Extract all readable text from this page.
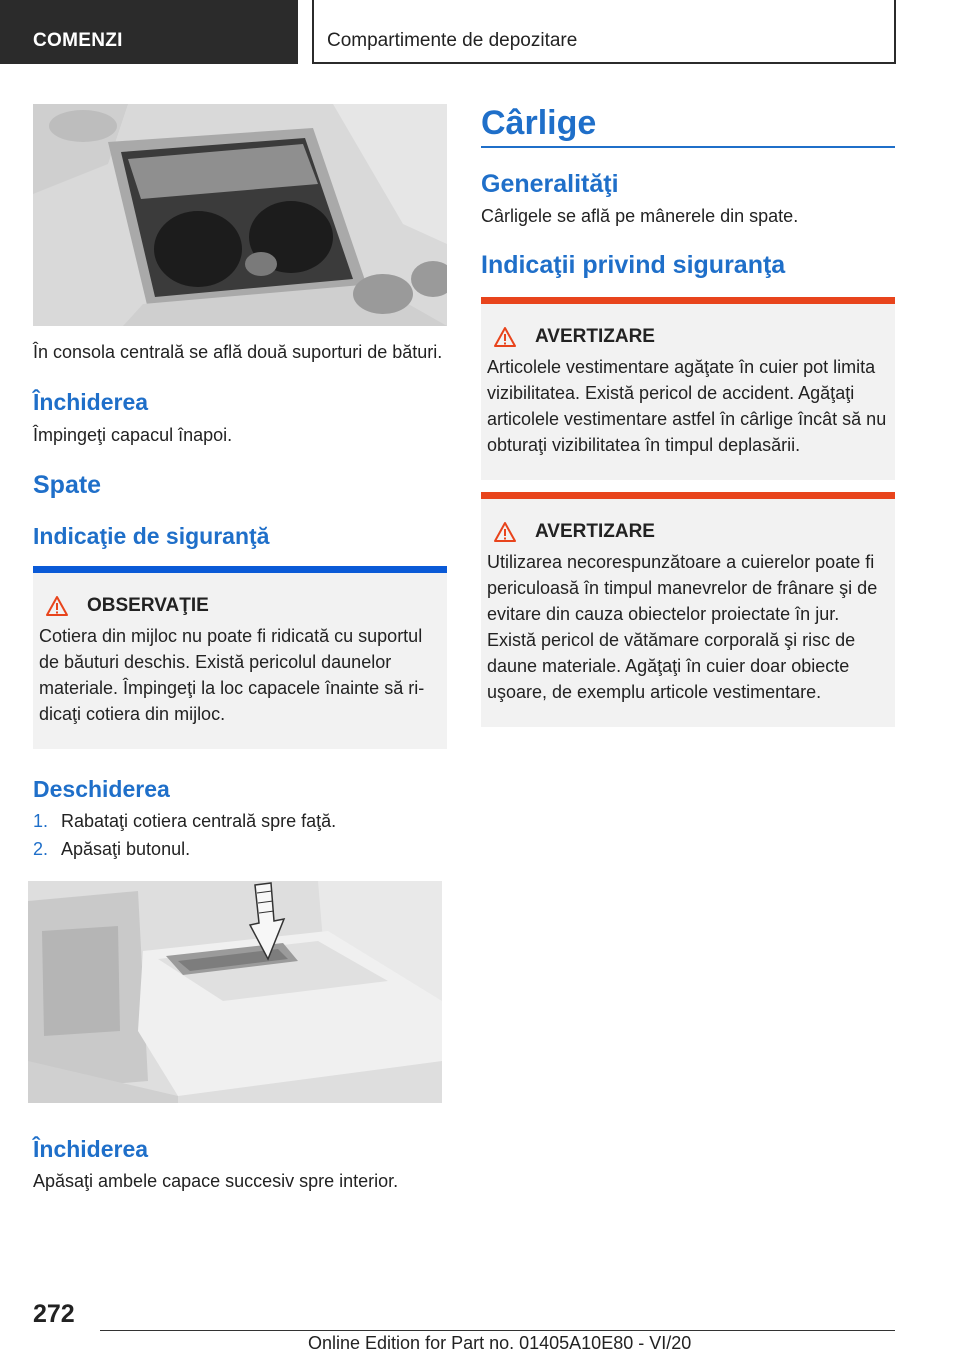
COMENZI	Compartimente de depozitare

În consola centrală se află două suporturi de bături.

Închiderea

Împingeţi capacul înapoi.

Spate
Indicaţie de siguranţă
OBSERVAŢIE

Cotiera din mijloc nu poate fi ridicată cu suportul de băuturi deschis. Există pericolul daunelor materiale. Împingeţi la loc capacele înainte să ridicaţi cotiera din mijloc.

Deschiderea
1. Rabataţi cotiera centrală spre faţă.
2. Apăsaţi butonul.
Închiderea

Apăsaţi ambele capace succesiv spre interior.

Cârlige
Generalităţi

Cârligele se află pe mânerele din spate.

Indicaţii privind siguranţa
AVERTIZARE

Articolele vestimentare agăţate în cuier pot limita vizibilitatea. Există pericol de accident. Agăţaţi articolele vestimentare astfel în cârlige încât să nu obturaţi vizibilitatea în timpul deplasării.

AVERTIZARE

Utilizarea necorespunzătoare a cuierelor poate fi periculoasă în timpul manevrelor de frânare şi de evitare din cauza obiectelor proiectate în jur. Există pericol de vătămare corporală şi risc de daune materiale. Agăţaţi în cuier doar obiecte uşoare, de exemplu articole vestimentare.

272
Online Edition for Part no. 01405A10E80 - VI/20
